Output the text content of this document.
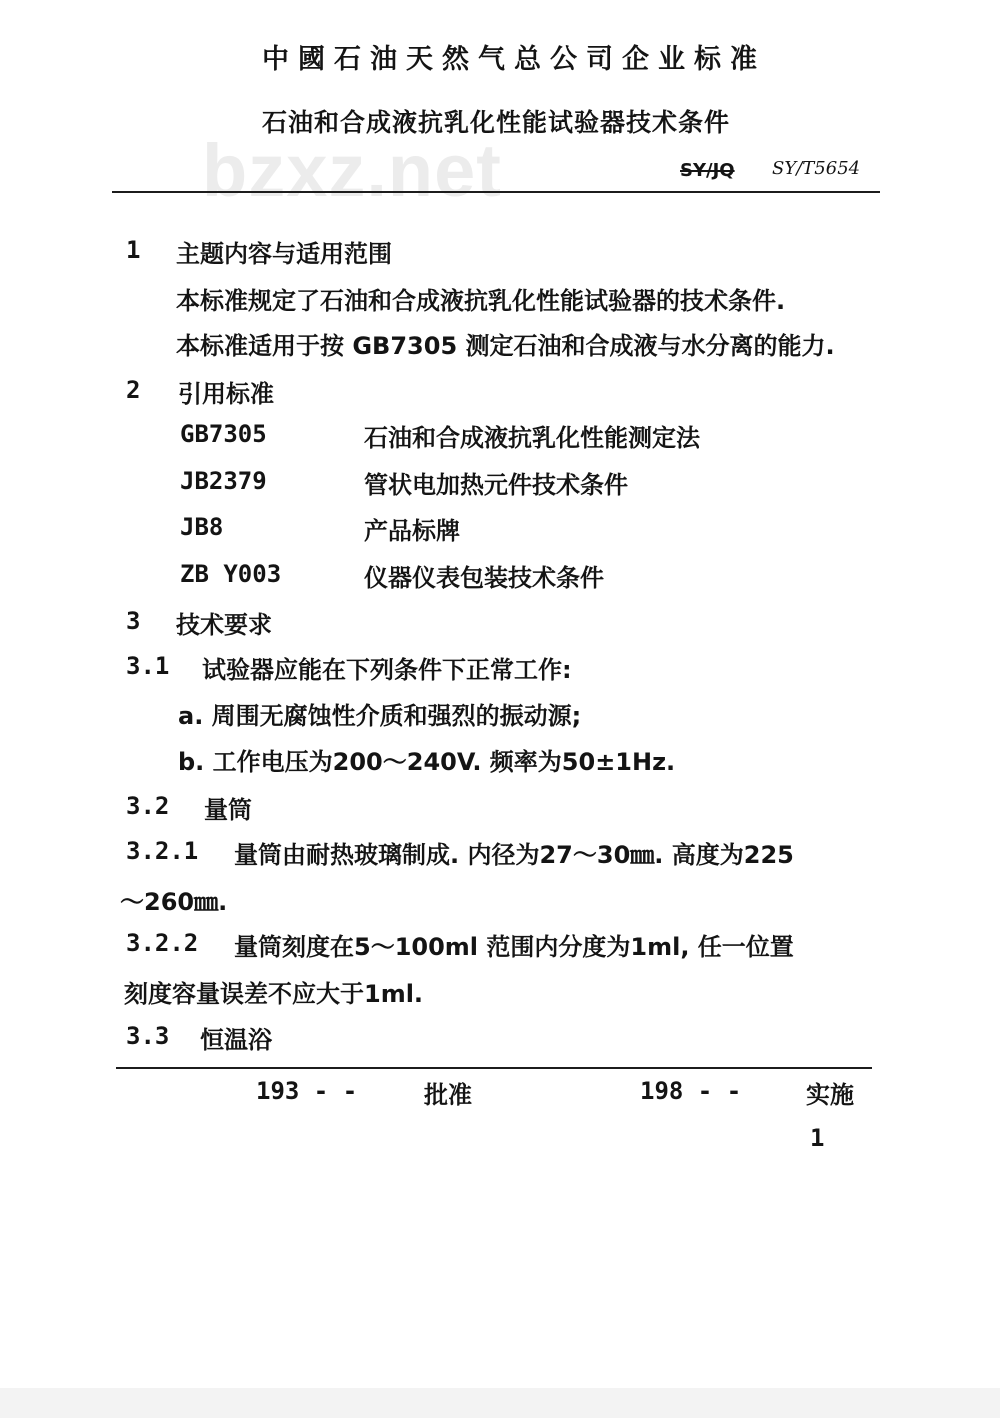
bzxz.net
中國石油天然气总公司企业标准
石油和合成液抗乳化性能试验器技术条件
SY/JQ SY/T5654
1 主题内容与适用范围
本标准规定了石油和合成液抗乳化性能试验器的技术条件.
本标准适用于按 GB7305 测定石油和合成液与水分离的能力.
2 引用标准
GB7305	石油和合成液抗乳化性能测定法
JB2379	管状电加热元件技术条件
JB8	产品标牌
ZB Y003	仪器仪表包装技术条件
3 技术要求
3.1 试验器应能在下列条件下正常工作:
a. 周围无腐蚀性介质和强烈的振动源;
b. 工作电压为200～240V. 频率为50±1Hz.
3.2 量筒
3.2.1 量筒由耐热玻璃制成. 内径为27～30㎜. 高度为225
～260㎜.
3.2.2 量筒刻度在5～100ml 范围内分度为1ml, 任一位置
刻度容量误差不应大于1ml.
3.3 恒温浴
193 - -	批准	198 - -	实施
1
